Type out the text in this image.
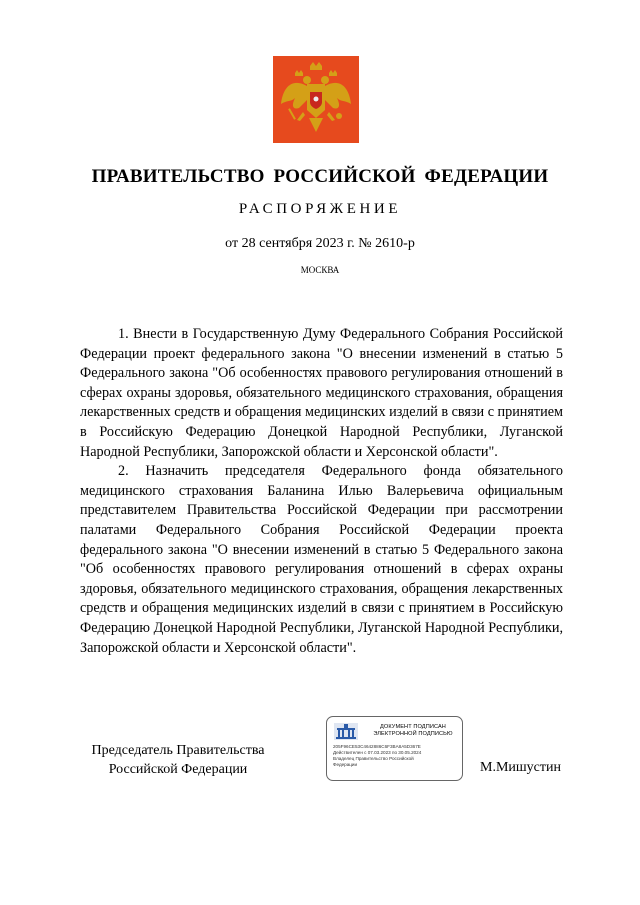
ПРАВИТЕЛЬСТВО РОССИЙСКОЙ ФЕДЕРАЦИИ
РАСПОРЯЖЕНИЕ
от 28 сентября 2023 г. № 2610-р
МОСКВА

1. Внести в Государственную Думу Федерального Собрания Российской Федерации проект федерального закона "О внесении изменений в статью 5 Федерального закона "Об особенностях правового регулирования отношений в сферах охраны здоровья, обязательного медицинского страхования, обращения лекарственных средств и обращения медицинских изделий в связи с принятием в Российскую Федерацию Донецкой Народной Республики, Луганской Народной Республики, Запорожской области и Херсонской области".

2. Назначить председателя Федерального фонда обязательного медицинского страхования Баланина Илью Валерьевича официальным представителем Правительства Российской Федерации при рассмотрении палатами Федерального Собрания Российской Федерации проекта федерального закона "О внесении изменений в статью 5 Федерального закона "Об особенностях правового регулирования отношений в сферах охраны здоровья, обязательного медицинского страхования, обращения лекарственных средств и обращения медицинских изделий в связи с принятием в Российскую Федерацию Донецкой Народной Республики, Луганской Народной Республики, Запорожской области и Херсонской области".

Председатель Правительства
Российской Федерации
ДОКУМЕНТ ПОДПИСАН
ЭЛЕКТРОННОЙ ПОДПИСЬЮ
205F96CE53C4642886C6F3BA8A5D367E
Действителен с 07.03.2023 по 30.05.2024
Владелец Правительство Российской
Федерации	М.Мишустин
